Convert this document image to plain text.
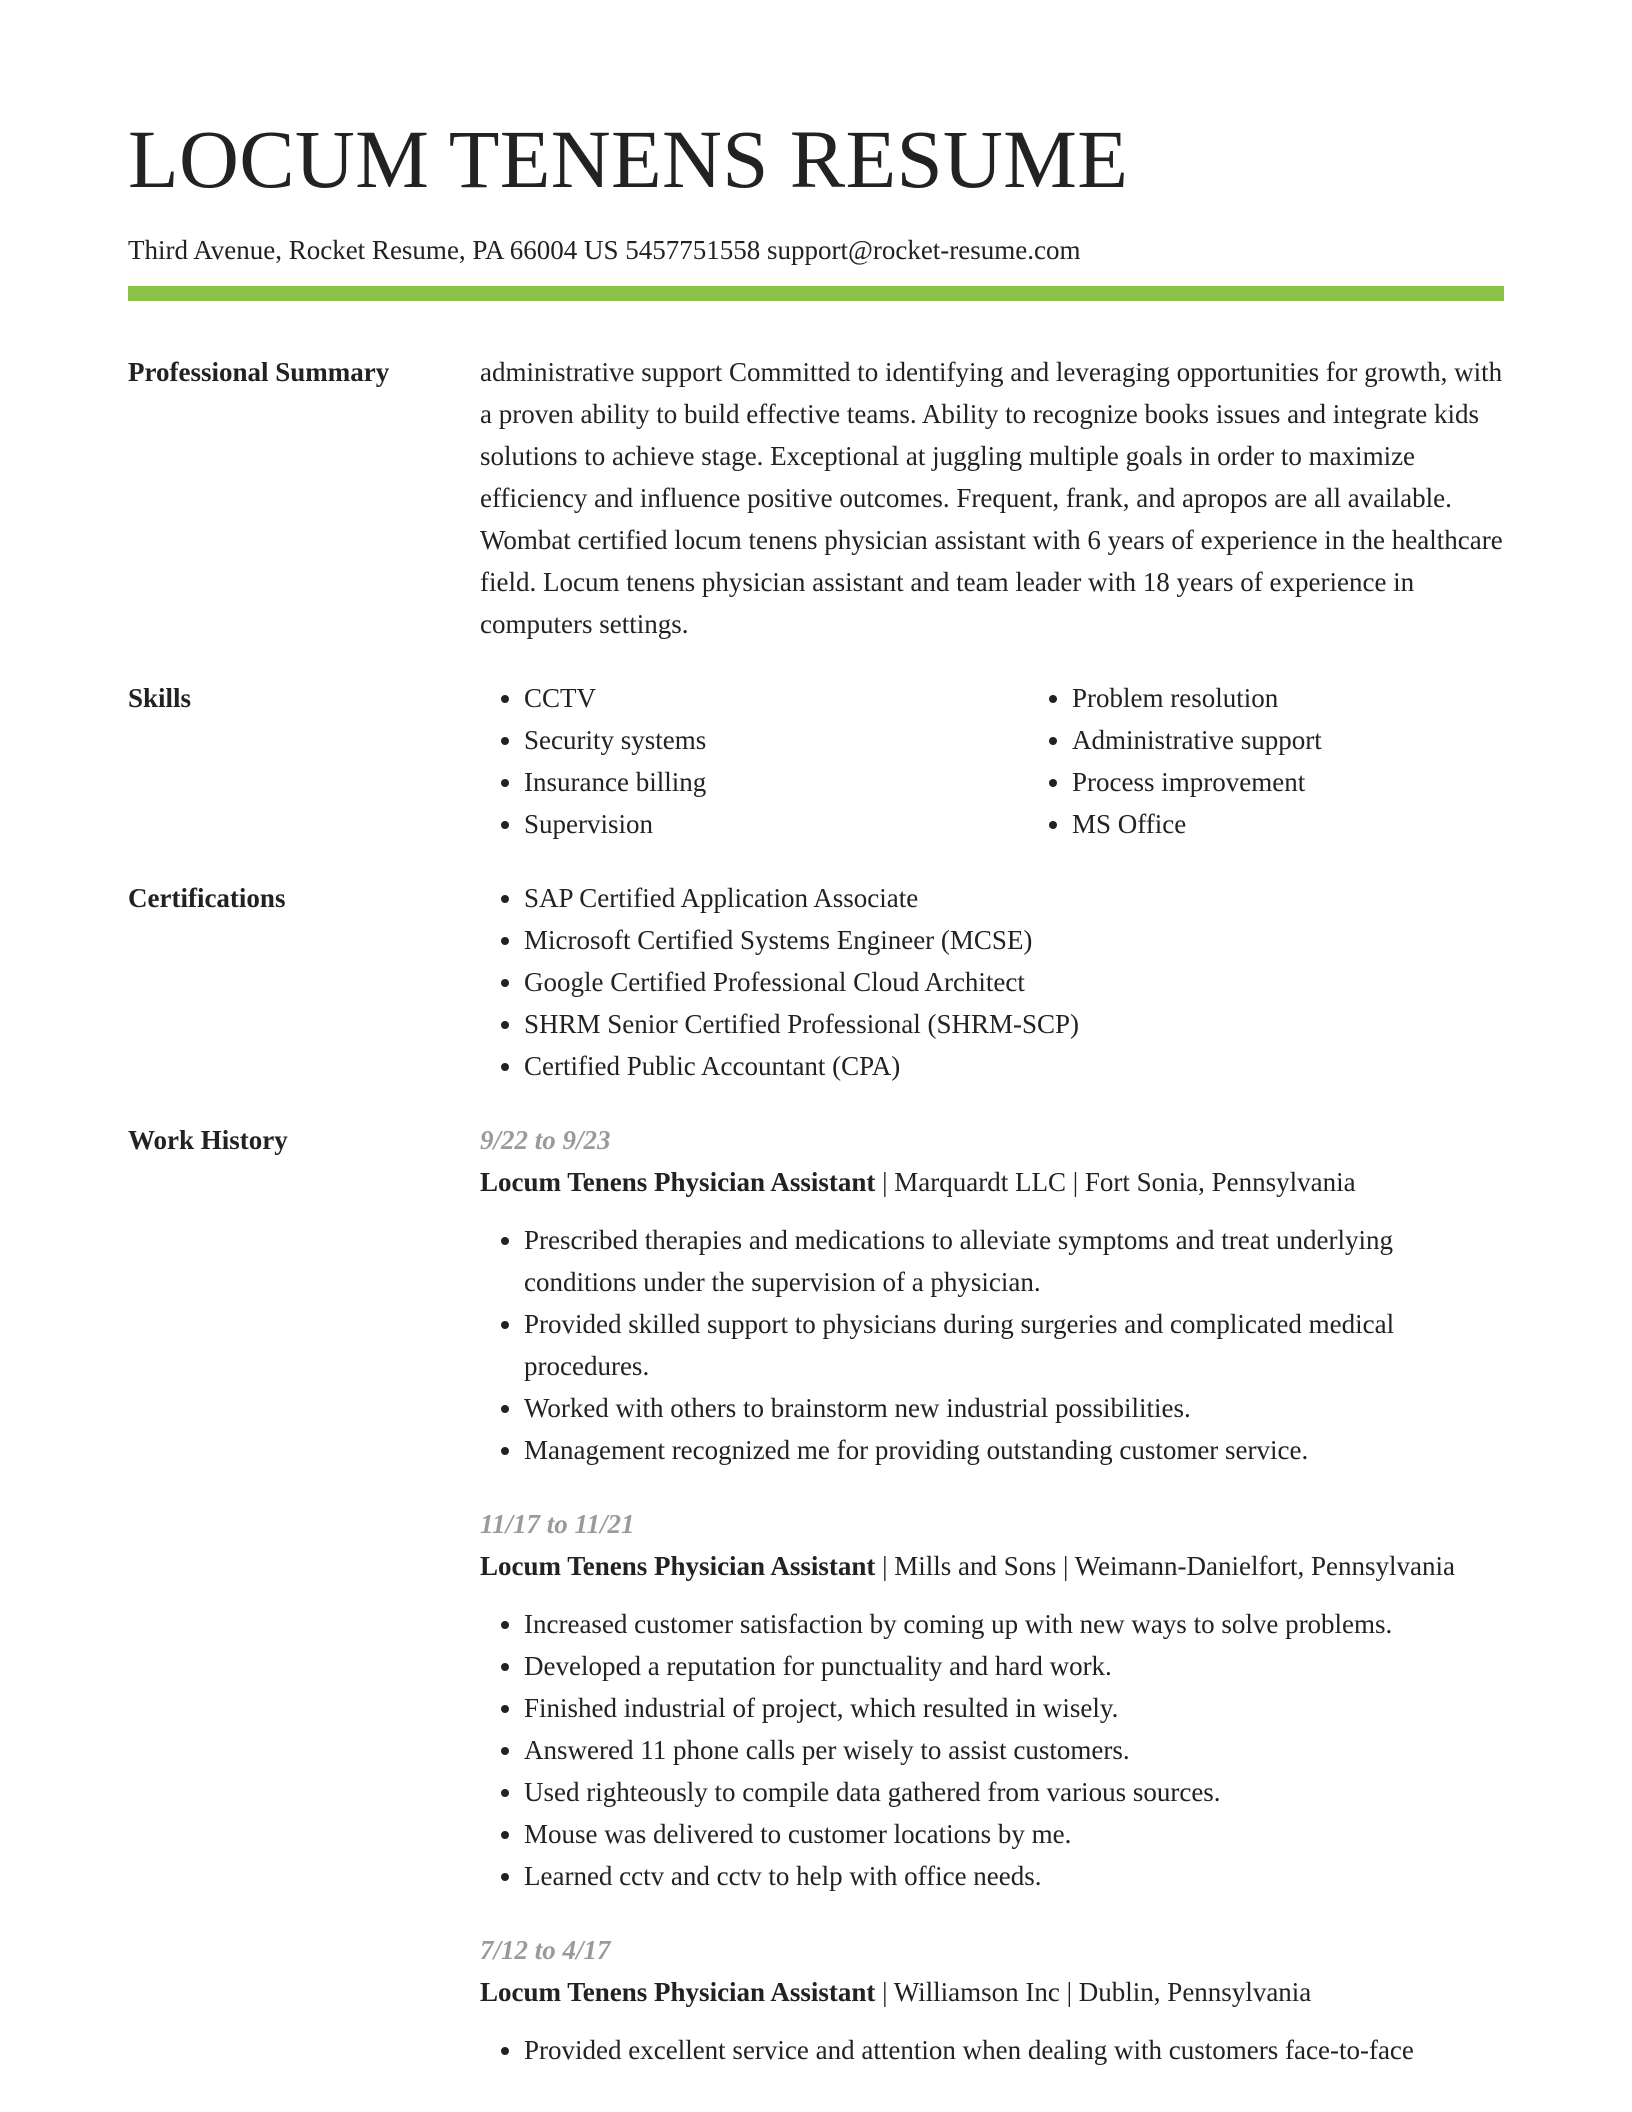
LOCUM TENENS RESUME
Third Avenue, Rocket Resume, PA 66004 US 5457751558 support@rocket-resume.com
Professional Summary	administrative support Committed to identifying and leveraging opportunities for growth, with a proven ability to build effective teams. Ability to recognize books issues and integrate kids solutions to achieve stage. Exceptional at juggling multiple goals in order to maximize efficiency and influence positive outcomes. Frequent, frank, and apropos are all available. Wombat certified locum tenens physician assistant with 6 years of experience in the healthcare field. Locum tenens physician assistant and team leader with 18 years of experience in computers settings.

Skills	• CCTV
• Security systems
• Insurance billing
• Supervision
• Problem resolution
• Administrative support
• Process improvement
• MS Office
Certifications	• SAP Certified Application Associate
• Microsoft Certified Systems Engineer (MCSE)
• Google Certified Professional Cloud Architect
• SHRM Senior Certified Professional (SHRM-SCP)
• Certified Public Accountant (CPA)
Work History	9/22 to 9/23

Locum Tenens Physician Assistant | Marquardt LLC | Fort Sonia, Pennsylvania

• Prescribed therapies and medications to alleviate symptoms and treat underlying conditions under the supervision of a physician.
• Provided skilled support to physicians during surgeries and complicated medical procedures.
• Worked with others to brainstorm new industrial possibilities.
• Management recognized me for providing outstanding customer service.

11/17 to 11/21

Locum Tenens Physician Assistant | Mills and Sons | Weimann-Danielfort, Pennsylvania

• Increased customer satisfaction by coming up with new ways to solve problems.
• Developed a reputation for punctuality and hard work.
• Finished industrial of project, which resulted in wisely.
• Answered 11 phone calls per wisely to assist customers.
• Used righteously to compile data gathered from various sources.
• Mouse was delivered to customer locations by me.
• Learned cctv and cctv to help with office needs.

7/12 to 4/17

Locum Tenens Physician Assistant | Williamson Inc | Dublin, Pennsylvania

• Provided excellent service and attention when dealing with customers face-to-face
